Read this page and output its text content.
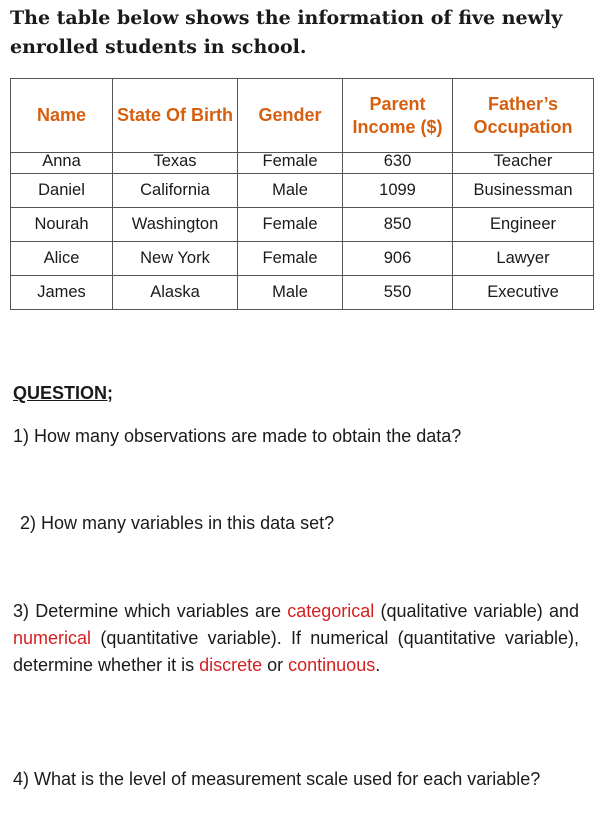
The table below shows the information of five newly enrolled students in school.

Name	State Of Birth	Gender	Parent Income ($)	Father’s Occupation
Anna	Texas	Female	630	Teacher
Daniel	California	Male	1099	Businessman
Nourah	Washington	Female	850	Engineer
Alice	New York	Female	906	Lawyer
James	Alaska	Male	550	Executive

QUESTION;

1) How many observations are made to obtain the data?

2) How many variables in this data set?

3) Determine which variables are categorical (qualitative variable) and numerical (quantitative variable). If numerical (quantitative variable), determine whether it is discrete or continuous.

4) What is the level of measurement scale used for each variable?
